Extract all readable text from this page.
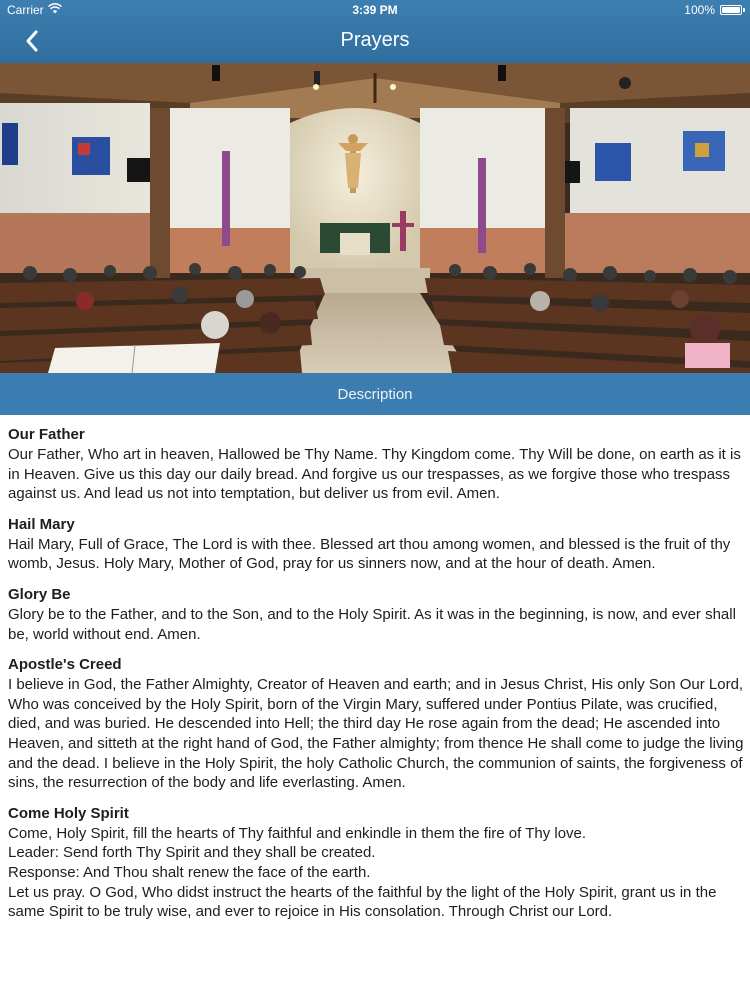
Carrier	3:39 PM	100%
Prayers
Description
Our Father

Our Father, Who art in heaven, Hallowed be Thy Name. Thy Kingdom come. Thy Will be done, on earth as it is in Heaven. Give us this day our daily bread. And forgive us our trespasses, as we forgive those who trespass against us. And lead us not into temptation, but deliver us from evil. Amen.

Hail Mary

Hail Mary, Full of Grace, The Lord is with thee. Blessed art thou among women, and blessed is the fruit of thy womb, Jesus. Holy Mary, Mother of God, pray for us sinners now, and at the hour of death. Amen.

Glory Be

Glory be to the Father, and to the Son, and to the Holy Spirit. As it was in the beginning, is now, and ever shall be, world without end. Amen.

Apostle's Creed

I believe in God, the Father Almighty, Creator of Heaven and earth; and in Jesus Christ, His only Son Our Lord, Who was conceived by the Holy Spirit, born of the Virgin Mary, suffered under Pontius Pilate, was crucified, died, and was buried. He descended into Hell; the third day He rose again from the dead; He ascended into Heaven, and sitteth at the right hand of God, the Father almighty; from thence He shall come to judge the living and the dead. I believe in the Holy Spirit, the holy Catholic Church, the communion of saints, the forgiveness of sins, the resurrection of the body and life everlasting. Amen.

Come Holy Spirit

Come, Holy Spirit, fill the hearts of Thy faithful and enkindle in them the fire of Thy love.

Leader: Send forth Thy Spirit and they shall be created.

Response: And Thou shalt renew the face of the earth.

Let us pray. O God, Who didst instruct the hearts of the faithful by the light of the Holy Spirit, grant us in the same Spirit to be truly wise, and ever to rejoice in His consolation. Through Christ our Lord.
